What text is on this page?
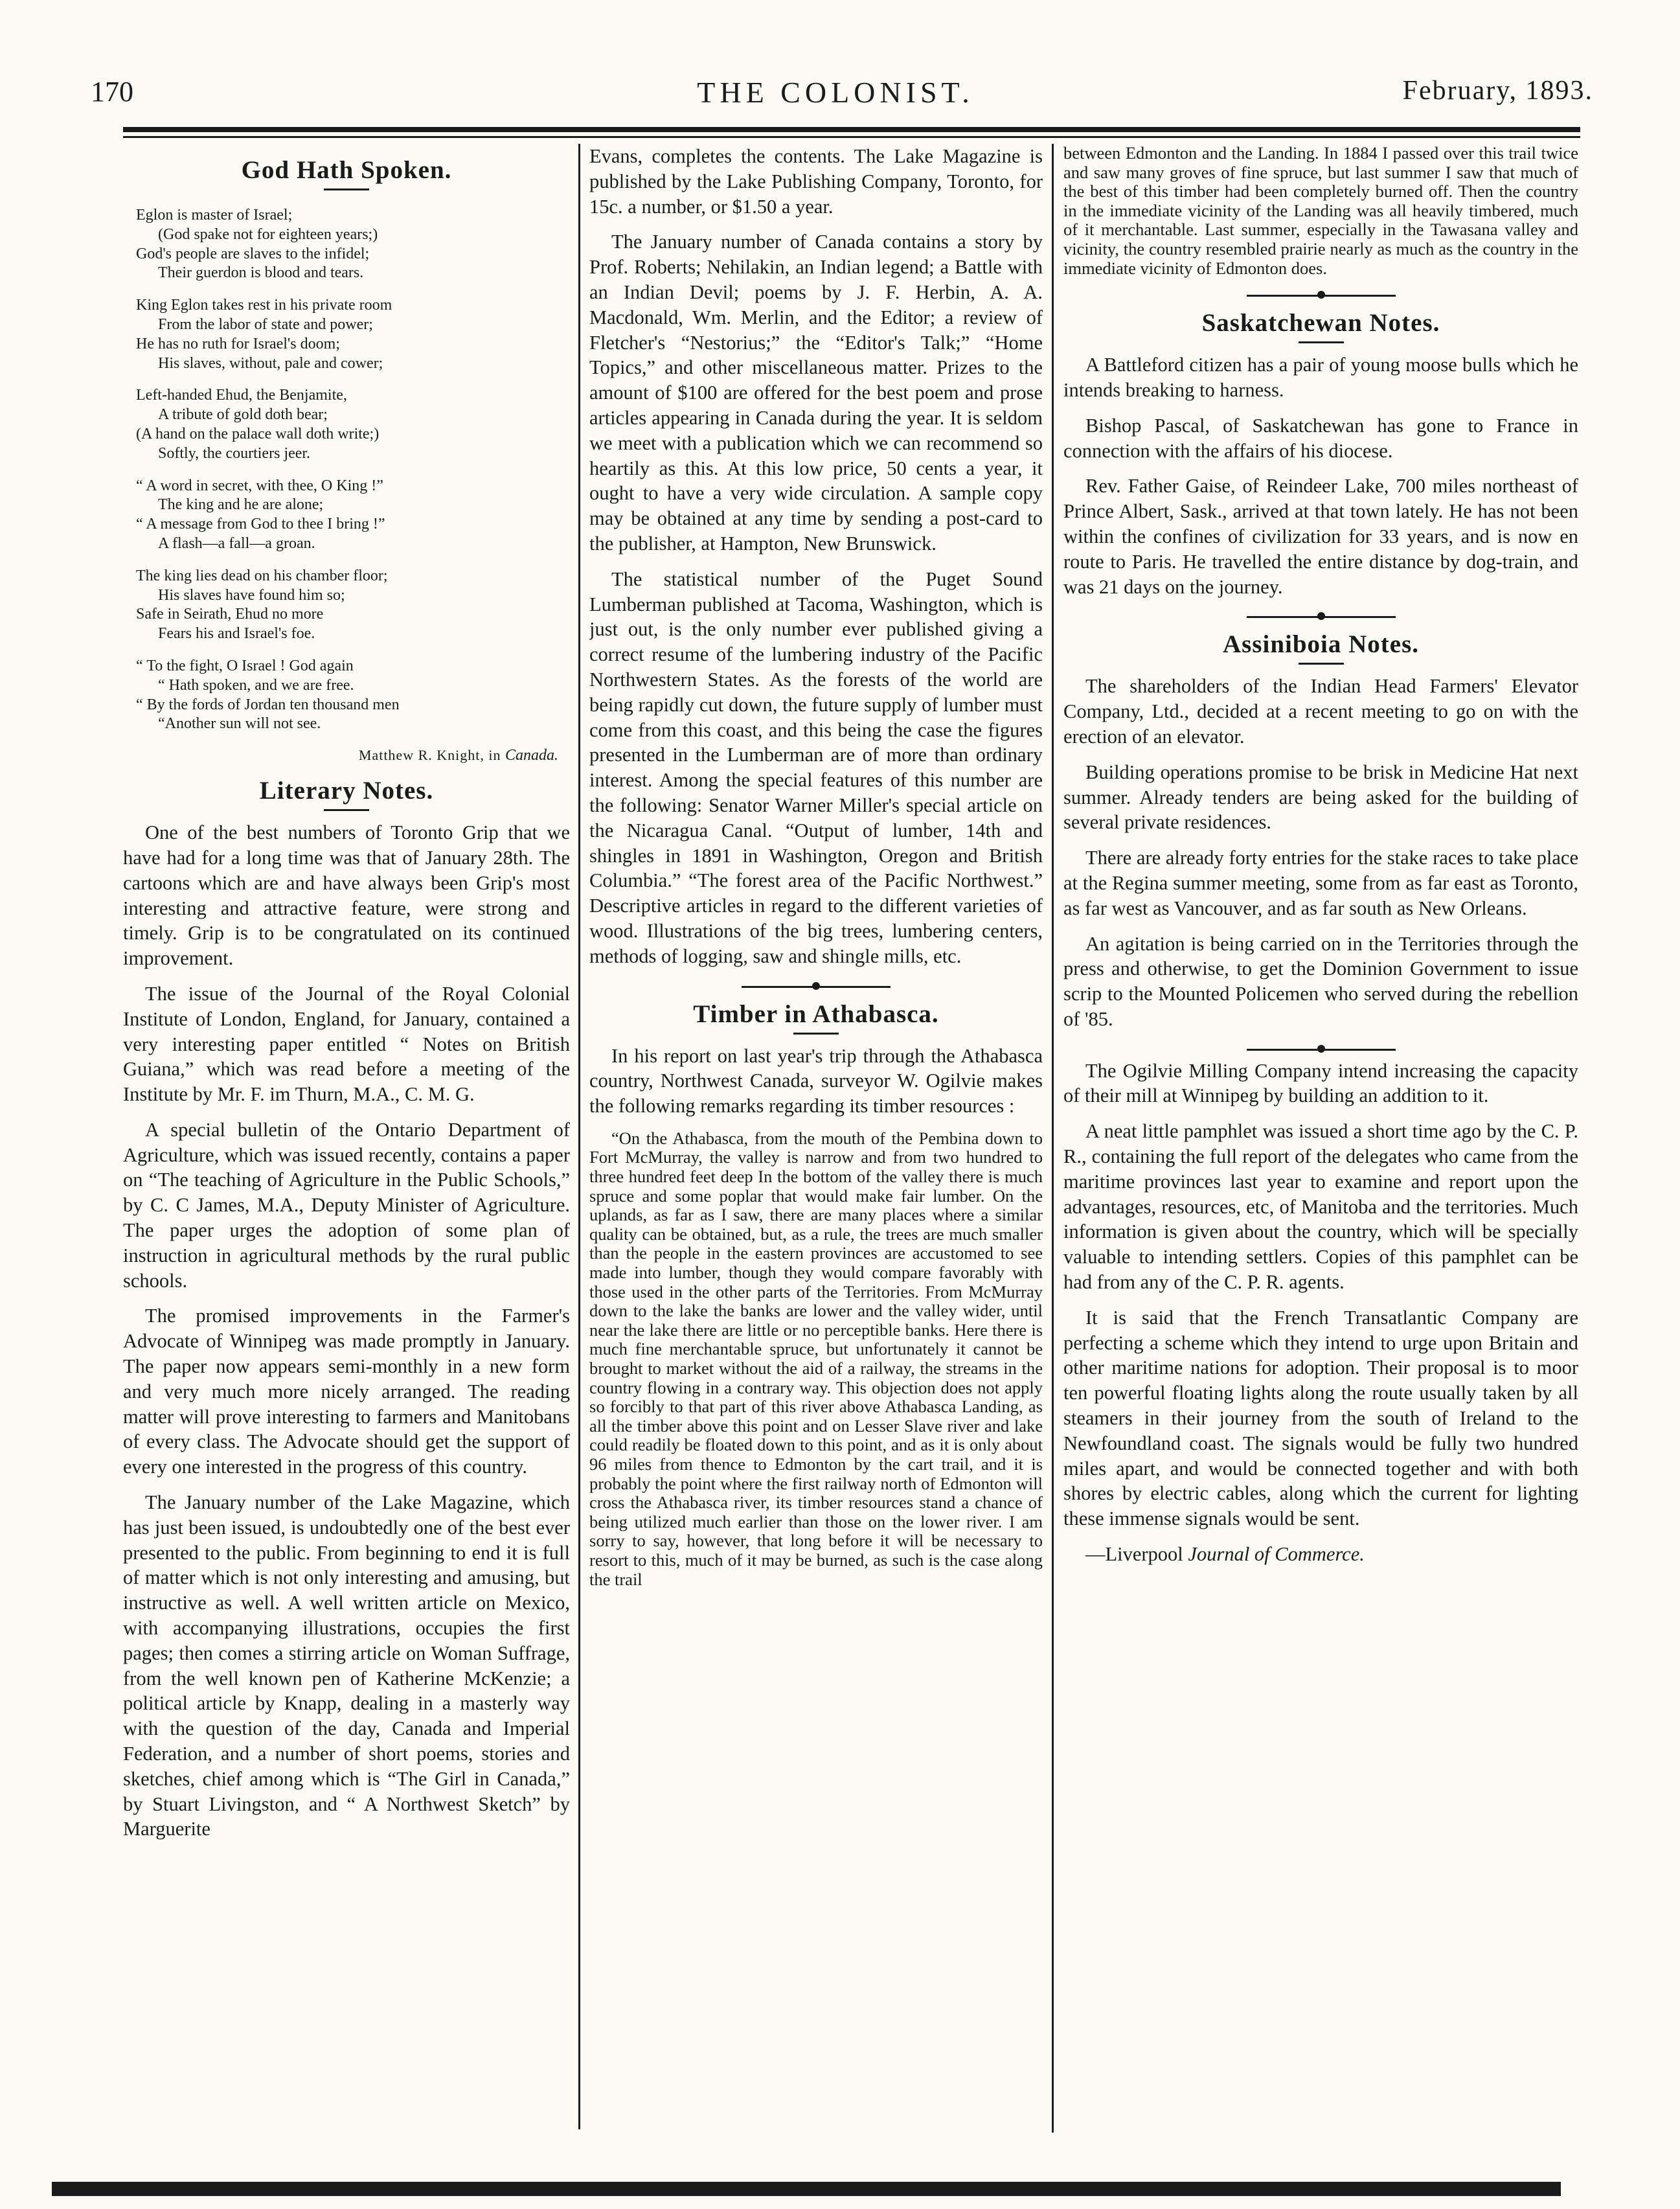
170	THE COLONIST.	February, 1893.
God Hath Spoken.
Eglon is master of Israel;
(God spake not for eighteen years;)
God's people are slaves to the infidel;
Their guerdon is blood and tears.
King Eglon takes rest in his private room
From the labor of state and power;
He has no ruth for Israel's doom;
His slaves, without, pale and cower;
Left-handed Ehud, the Benjamite,
A tribute of gold doth bear;
(A hand on the palace wall doth write;)
Softly, the courtiers jeer.
“ A word in secret, with thee, O King !”
The king and he are alone;
“ A message from God to thee I bring !”
A flash—a fall—a groan.
The king lies dead on his chamber floor;
His slaves have found him so;
Safe in Seirath, Ehud no more
Fears his and Israel's foe.
“ To the fight, O Israel ! God again
“ Hath spoken, and we are free.
“ By the fords of Jordan ten thousand men
“Another sun will not see.
Matthew R. Knight, in Canada.
Literary Notes.

One of the best numbers of Toronto Grip that we have had for a long time was that of January 28th. The cartoons which are and have always been Grip's most interesting and attractive feature, were strong and timely. Grip is to be congratulated on its continued improvement.

The issue of the Journal of the Royal Colonial Institute of London, England, for January, contained a very interesting paper entitled “ Notes on British Guiana,” which was read before a meeting of the Institute by Mr. F. im Thurn, M.A., C. M. G.

A special bulletin of the Ontario Department of Agriculture, which was issued recently, contains a paper on “The teaching of Agriculture in the Public Schools,” by C. C James, M.A., Deputy Minister of Agriculture. The paper urges the adoption of some plan of instruction in agricultural methods by the rural public schools.

The promised improvements in the Farmer's Advocate of Winnipeg was made promptly in January. The paper now appears semi-monthly in a new form and very much more nicely arranged. The reading matter will prove interesting to farmers and Manitobans of every class. The Advocate should get the support of every one interested in the progress of this country.

The January number of the Lake Magazine, which has just been issued, is undoubtedly one of the best ever presented to the public. From beginning to end it is full of matter which is not only interesting and amusing, but instructive as well. A well written article on Mexico, with accompanying illustrations, occupies the first pages; then comes a stirring article on Woman Suffrage, from the well known pen of Katherine McKenzie; a political article by Knapp, dealing in a masterly way with the question of the day, Canada and Imperial Federation, and a number of short poems, stories and sketches, chief among which is “The Girl in Canada,” by Stuart Livingston, and “ A Northwest Sketch” by Marguerite

Evans, completes the contents. The Lake Magazine is published by the Lake Publishing Company, Toronto, for 15c. a number, or $1.50 a year.

The January number of Canada contains a story by Prof. Roberts; Nehilakin, an Indian legend; a Battle with an Indian Devil; poems by J. F. Herbin, A. A. Macdonald, Wm. Merlin, and the Editor; a review of Fletcher's “Nestorius;” the “Editor's Talk;” “Home Topics,” and other miscellaneous matter. Prizes to the amount of $100 are offered for the best poem and prose articles appearing in Canada during the year. It is seldom we meet with a publication which we can recommend so heartily as this. At this low price, 50 cents a year, it ought to have a very wide circulation. A sample copy may be obtained at any time by sending a post-card to the publisher, at Hampton, New Brunswick.

The statistical number of the Puget Sound Lumberman published at Tacoma, Washington, which is just out, is the only number ever published giving a correct resume of the lumbering industry of the Pacific Northwestern States. As the forests of the world are being rapidly cut down, the future supply of lumber must come from this coast, and this being the case the figures presented in the Lumberman are of more than ordinary interest. Among the special features of this number are the following: Senator Warner Miller's special article on the Nicaragua Canal. “Output of lumber, 14th and shingles in 1891 in Washington, Oregon and British Columbia.” “The forest area of the Pacific Northwest.” Descriptive articles in regard to the different varieties of wood. Illustrations of the big trees, lumbering centers, methods of logging, saw and shingle mills, etc.

Timber in Athabasca.

In his report on last year's trip through the Athabasca country, Northwest Canada, surveyor W. Ogilvie makes the following remarks regarding its timber resources :

“On the Athabasca, from the mouth of the Pembina down to Fort McMurray, the valley is narrow and from two hundred to three hundred feet deep In the bottom of the valley there is much spruce and some poplar that would make fair lumber. On the uplands, as far as I saw, there are many places where a similar quality can be obtained, but, as a rule, the trees are much smaller than the people in the eastern provinces are accustomed to see made into lumber, though they would compare favorably with those used in the other parts of the Territories. From McMurray down to the lake the banks are lower and the valley wider, until near the lake there are little or no perceptible banks. Here there is much fine merchantable spruce, but unfortunately it cannot be brought to market without the aid of a railway, the streams in the country flowing in a contrary way. This objection does not apply so forcibly to that part of this river above Athabasca Landing, as all the timber above this point and on Lesser Slave river and lake could readily be floated down to this point, and as it is only about 96 miles from thence to Edmonton by the cart trail, and it is probably the point where the first railway north of Edmonton will cross the Athabasca river, its timber resources stand a chance of being utilized much earlier than those on the lower river. I am sorry to say, however, that long before it will be necessary to resort to this, much of it may be burned, as such is the case along the trail

between Edmonton and the Landing. In 1884 I passed over this trail twice and saw many groves of fine spruce, but last summer I saw that much of the best of this timber had been completely burned off. Then the country in the immediate vicinity of the Landing was all heavily timbered, much of it merchantable. Last summer, especially in the Tawasana valley and vicinity, the country resembled prairie nearly as much as the country in the immediate vicinity of Edmonton does.

Saskatchewan Notes.

A Battleford citizen has a pair of young moose bulls which he intends breaking to harness.

Bishop Pascal, of Saskatchewan has gone to France in connection with the affairs of his diocese.

Rev. Father Gaise, of Reindeer Lake, 700 miles northeast of Prince Albert, Sask., arrived at that town lately. He has not been within the confines of civilization for 33 years, and is now en route to Paris. He travelled the entire distance by dog-train, and was 21 days on the journey.

Assiniboia Notes.

The shareholders of the Indian Head Farmers' Elevator Company, Ltd., decided at a recent meeting to go on with the erection of an elevator.

Building operations promise to be brisk in Medicine Hat next summer. Already tenders are being asked for the building of several private residences.

There are already forty entries for the stake races to take place at the Regina summer meeting, some from as far east as Toronto, as far west as Vancouver, and as far south as New Orleans.

An agitation is being carried on in the Territories through the press and otherwise, to get the Dominion Government to issue scrip to the Mounted Policemen who served during the rebellion of '85.

The Ogilvie Milling Company intend increasing the capacity of their mill at Winnipeg by building an addition to it.

A neat little pamphlet was issued a short time ago by the C. P. R., containing the full report of the delegates who came from the maritime provinces last year to examine and report upon the advantages, resources, etc, of Manitoba and the territories. Much information is given about the country, which will be specially valuable to intending settlers. Copies of this pamphlet can be had from any of the C. P. R. agents.

It is said that the French Transatlantic Company are perfecting a scheme which they intend to urge upon Britain and other maritime nations for adoption. Their proposal is to moor ten powerful floating lights along the route usually taken by all steamers in their journey from the south of Ireland to the Newfoundland coast. The signals would be fully two hundred miles apart, and would be connected together and with both shores by electric cables, along which the current for lighting these immense signals would be sent.

—Liverpool Journal of Commerce.
